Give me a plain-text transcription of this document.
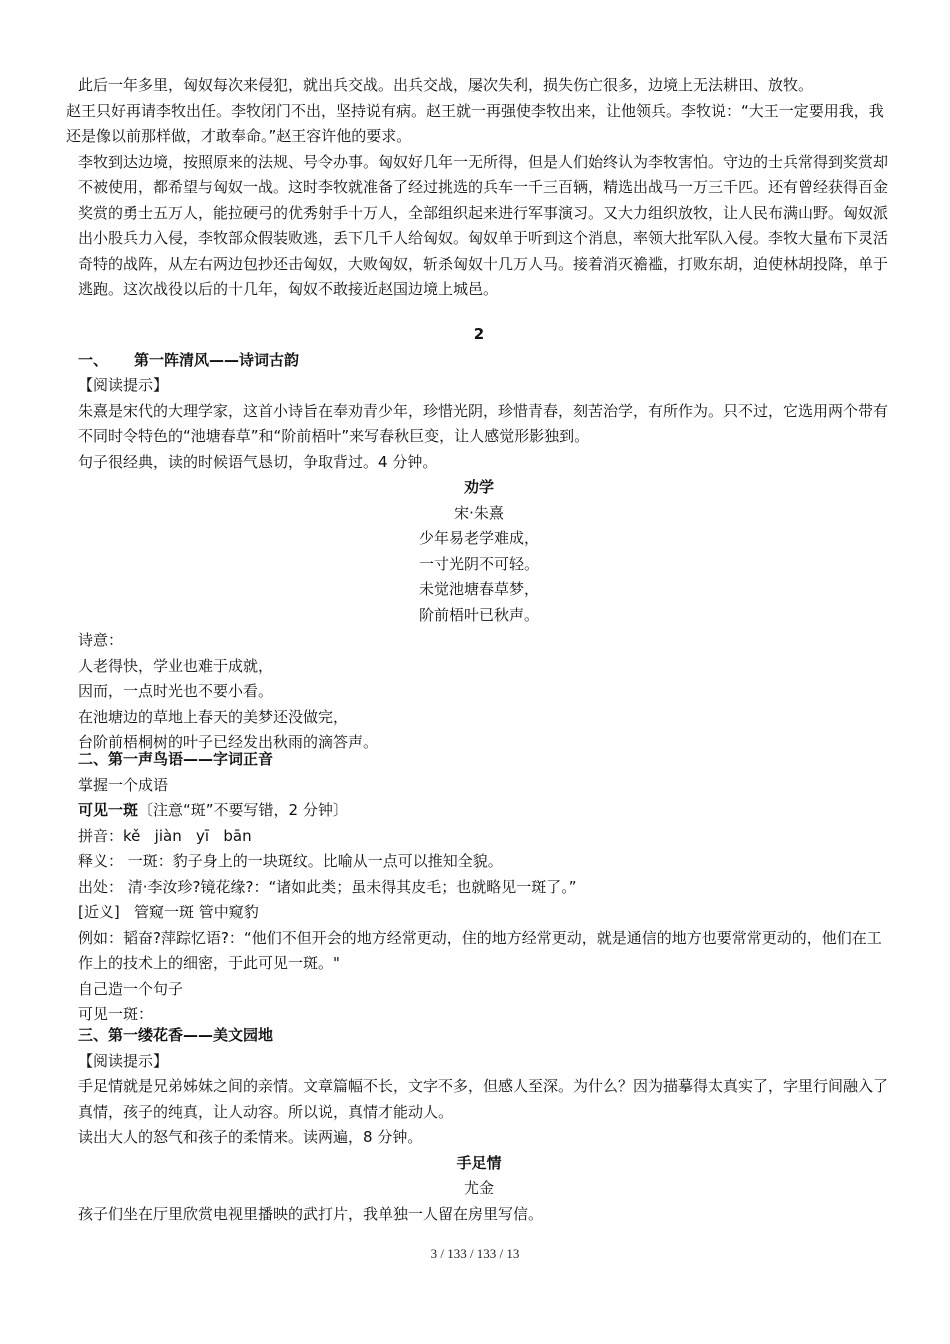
此后一年多里，匈奴每次来侵犯，就出兵交战。出兵交战，屡次失利，损失伤亡很多，边境上无法耕田、放牧。

赵王只好再请李牧出任。李牧闭门不出，坚持说有病。赵王就一再强使李牧出来，让他领兵。李牧说：“大王一定要用我，我还是像以前那样做，才敢奉命。”赵王容许他的要求。

李牧到达边境，按照原来的法规、号令办事。匈奴好几年一无所得，但是人们始终认为李牧害怕。守边的士兵常得到奖赏却不被使用，都希望与匈奴一战。这时李牧就准备了经过挑选的兵车一千三百辆，精选出战马一万三千匹。还有曾经获得百金奖赏的勇士五万人，能拉硬弓的优秀射手十万人，全部组织起来进行军事演习。又大力组织放牧，让人民布满山野。匈奴派出小股兵力入侵，李牧部众假装败逃，丢下几千人给匈奴。匈奴单于听到这个消息，率领大批军队入侵。李牧大量布下灵活奇特的战阵，从左右两边包抄还击匈奴，大败匈奴，斩杀匈奴十几万人马。接着消灭襜褴，打败东胡，迫使林胡投降，单于逃跑。这次战役以后的十几年，匈奴不敢接近赵国边境上城邑。

2

一、 第一阵清风——诗词古韵

【阅读提示】

朱熹是宋代的大理学家，这首小诗旨在奉劝青少年，珍惜光阴，珍惜青春，刻苦治学，有所作为。只不过，它选用两个带有不同时令特色的“池塘春草”和“阶前梧叶”来写春秋巨变，让人感觉形影独到。

句子很经典，读的时候语气恳切，争取背过。4 分钟。

劝学

宋·朱熹

少年易老学难成，

一寸光阴不可轻。

未觉池塘春草梦，

阶前梧叶已秋声。

诗意：

人老得快，学业也难于成就，

因而，一点时光也不要小看。

在池塘边的草地上春天的美梦还没做完，

台阶前梧桐树的叶子已经发出秋雨的滴答声。

二、第一声鸟语——字词正音

掌握一个成语

可见一斑〔注意“斑”不要写错，2 分钟〕

拼音：kě   jiàn   yī   bān

释义： 一斑：豹子身上的一块斑纹。比喻从一点可以推知全貌。

出处： 清·李汝珍?镜花缘?：“诸如此类；虽未得其皮毛；也就略见一斑了。”

[近义]   管窥一斑 管中窥豹

例如：韬奋?萍踪忆语?：“他们不但开会的地方经常更动，住的地方经常更动，就是通信的地方也要常常更动的，他们在工作上的技术上的细密，于此可见一斑。"

自己造一个句子

可见一斑：

三、第一缕花香——美文园地

【阅读提示】

手足情就是兄弟姊妹之间的亲情。文章篇幅不长，文字不多，但感人至深。为什么？因为描摹得太真实了，字里行间融入了真情，孩子的纯真，让人动容。所以说，真情才能动人。

读出大人的怒气和孩子的柔情来。读两遍，8 分钟。

手足情

尤金

孩子们坐在厅里欣赏电视里播映的武打片，我单独一人留在房里写信。

3 / 133 / 133 / 13
